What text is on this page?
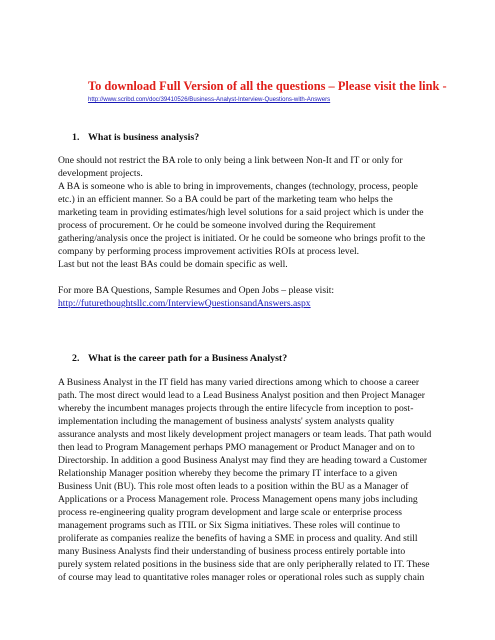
To download Full Version of all the questions – Please visit the link -
http://www.scribd.com/doc/39410526/Business-Analyst-Interview-Questions-with-Answers
1. What is business analysis?
One should not restrict the BA role to only being a link between Non-It and IT or only for
development projects.
A BA is someone who is able to bring in improvements, changes (technology, process, people
etc.) in an efficient manner. So a BA could be part of the marketing team who helps the
marketing team in providing estimates/high level solutions for a said project which is under the
process of procurement. Or he could be someone involved during the Requirement
gathering/analysis once the project is initiated. Or he could be someone who brings profit to the
company by performing process improvement activities ROIs at process level.
Last but not the least BAs could be domain specific as well.
For more BA Questions, Sample Resumes and Open Jobs – please visit:
http://futurethoughtsllc.com/InterviewQuestionsandAnswers.aspx
2. What is the career path for a Business Analyst?
A Business Analyst in the IT field has many varied directions among which to choose a career
path. The most direct would lead to a Lead Business Analyst position and then Project Manager
whereby the incumbent manages projects through the entire lifecycle from inception to post-
implementation including the management of business analysts' system analysts quality
assurance analysts and most likely development project managers or team leads. That path would
then lead to Program Management perhaps PMO management or Product Manager and on to
Directorship. In addition a good Business Analyst may find they are heading toward a Customer
Relationship Manager position whereby they become the primary IT interface to a given
Business Unit (BU). This role most often leads to a position within the BU as a Manager of
Applications or a Process Management role. Process Management opens many jobs including
process re-engineering quality program development and large scale or enterprise process
management programs such as ITIL or Six Sigma initiatives. These roles will continue to
proliferate as companies realize the benefits of having a SME in process and quality. And still
many Business Analysts find their understanding of business process entirely portable into
purely system related positions in the business side that are only peripherally related to IT. These
of course may lead to quantitative roles manager roles or operational roles such as supply chain
